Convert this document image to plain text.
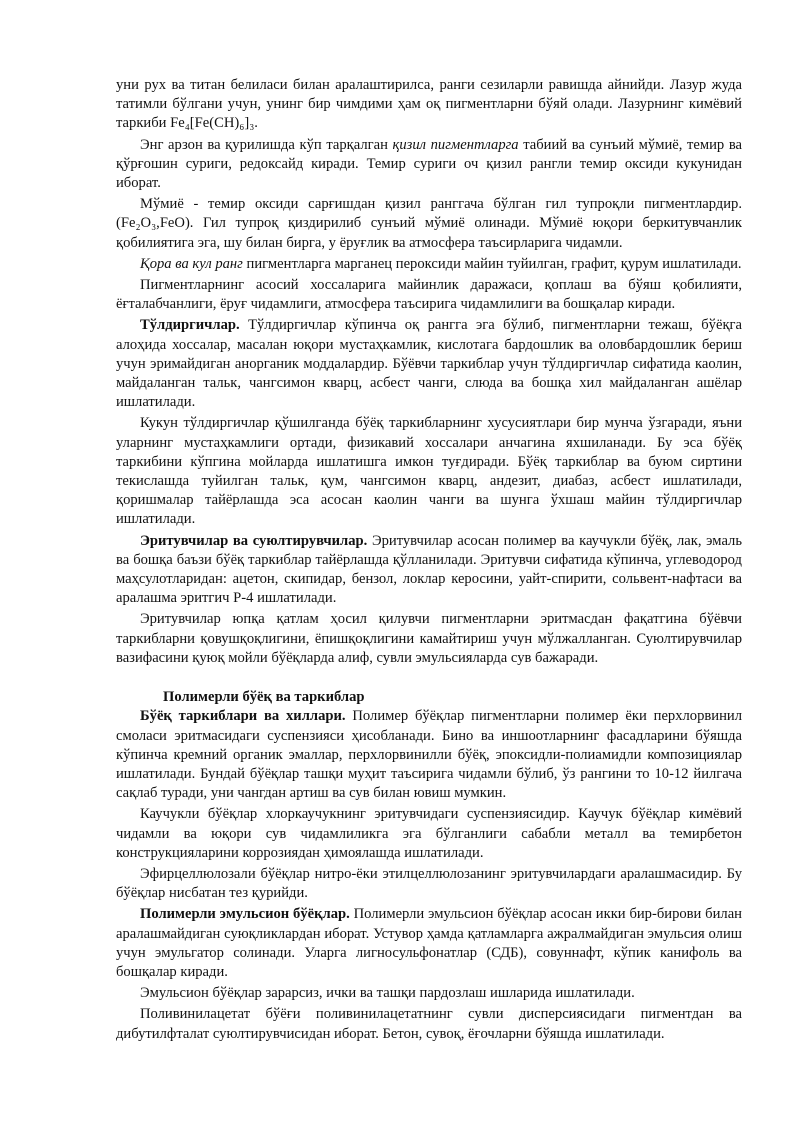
уни рух ва титан белиласи билан аралаштирилса, ранги сезиларли равишда айнийди. Лазур жуда татимли бўлгани учун, унинг бир чимдими ҳам оқ пигментларни бўяй олади. Лазурнинг кимёвий таркиби Fe₄[Fe(CH)₆]₃.

Энг арзон ва қурилишда кўп тарқалган қизил пигментларга табиий ва сунъий мўмиё, темир ва қўрғошин суриги, редоксайд киради. Темир суриги оч қизил рангли темир оксиди кукунидан иборат.

Мўмиё - темир оксиди сарғишдан қизил ранггача бўлган гил тупроқли пигментлардир. (Fe₂O₃,FeO). Гил тупроқ қиздирилиб сунъий мўмиё олинади. Мўмиё юқори беркитувчанлик қобилиятига эга, шу билан бирга, у ёруғлик ва атмосфера таъсирларига чидамли.

Қора ва кул ранг пигментларга марганец пероксиди майин туйилган, графит, қурум ишлатилади.

Пигментларнинг асосий хоссаларига майинлик даражаси, қоплаш ва бўяш қобилияти, ёғталабчанлиги, ёруғ чидамлиги, атмосфера таъсирига чидамлилиги ва бошқалар киради.

Тўлдиргичлар. Тўлдиргичлар кўпинча оқ рангга эга бўлиб, пигментларни тежаш, бўёқга алоҳида хоссалар, масалан юқори мустаҳкамлик, кислотага бардошлик ва оловбардошлик бериш учун эримайдиган анорганик моддалардир. Бўёвчи таркиблар учун тўлдиргичлар сифатида каолин, майдаланган тальк, чангсимон кварц, асбест чанги, слюда ва бошқа хил майдаланган ашёлар ишлатилади.

Кукун тўлдиргичлар қўшилганда бўёқ таркибларнинг хусусиятлари бир мунча ўзгаради, яъни уларнинг мустаҳкамлиги ортади, физикавий хоссалари анчагина яхшиланади. Бу эса бўёқ таркибини кўпгина мойларда ишлатишга имкон туғдиради. Бўёқ таркиблар ва буюм сиртини текислашда туйилган тальк, қум, чангсимон кварц, андезит, диабаз, асбест ишлатилади, қоришмалар тайёрлашда эса асосан каолин чанги ва шунга ўхшаш майин тўлдиргичлар ишлатилади.

Эритувчилар ва суюлтирувчилар. Эритувчилар асосан полимер ва каучукли бўёқ, лак, эмаль ва бошқа баъзи бўёқ таркиблар тайёрлашда қўлланилади. Эритувчи сифатида кўпинча, углеводород маҳсулотларидан: ацетон, скипидар, бензол, локлар керосини, уайт-спирити, сольвент-нафтаси ва аралашма эритгич Р-4 ишлатилади.

Эритувчилар юпқа қатлам ҳосил қилувчи пигментларни эритмасдан фақатгина бўёвчи таркибларни қовушқоқлигини, ёпишқоқлигини камайтириш учун мўлжалланган. Суюлтирувчилар вазифасини қуюқ мойли бўёқларда алиф, сувли эмульсияларда сув бажаради.

Полимерли бўёқ ва таркиблар

Бўёқ таркиблари ва хиллари. Полимер бўёқлар пигментларни полимер ёки перхлорвинил смоласи эритмасидаги суспензияси ҳисобланади. Бино ва иншоотларнинг фасадларини бўяшда кўпинча кремний органик эмаллар, перхлорвинилли бўёқ, эпоксидли-полиамидли композициялар ишлатилади. Бундай бўёқлар ташқи муҳит таъсирига чидамли бўлиб, ўз рангини то 10-12 йилгача сақлаб туради, уни чангдан артиш ва сув билан ювиш мумкин.

Каучукли бўёқлар хлоркаучукнинг эритувчидаги суспензиясидир. Каучук бўёқлар кимёвий чидамли ва юқори сув чидамлиликга эга бўлганлиги сабабли металл ва темирбетон конструкцияларини коррозиядан ҳимоялашда ишлатилади.

Эфирцеллюлозали бўёқлар нитро-ёки этилцеллюлозанинг эритувчилардаги аралашмасидир. Бу бўёқлар нисбатан тез қурийди.

Полимерли эмульсион бўёқлар. Полимерли эмульсион бўёқлар асосан икки бир-бирови билан аралашмайдиган суюқликлардан иборат. Устувор ҳамда қатламларга ажралмайдиган эмульсия олиш учун эмульгатор солинади. Уларга лигносульфонатлар (СДБ), совуннафт, кўпик канифоль ва бошқалар киради.

Эмульсион бўёқлар зарарсиз, ички ва ташқи пардозлаш ишларида ишлатилади.

Поливинилацетат бўёғи поливинилацетатнинг сувли дисперсиясидаги пигментдан ва дибутилфталат суюлтирувчисидан иборат. Бетон, сувоқ, ёғочларни бўяшда ишлатилади.
